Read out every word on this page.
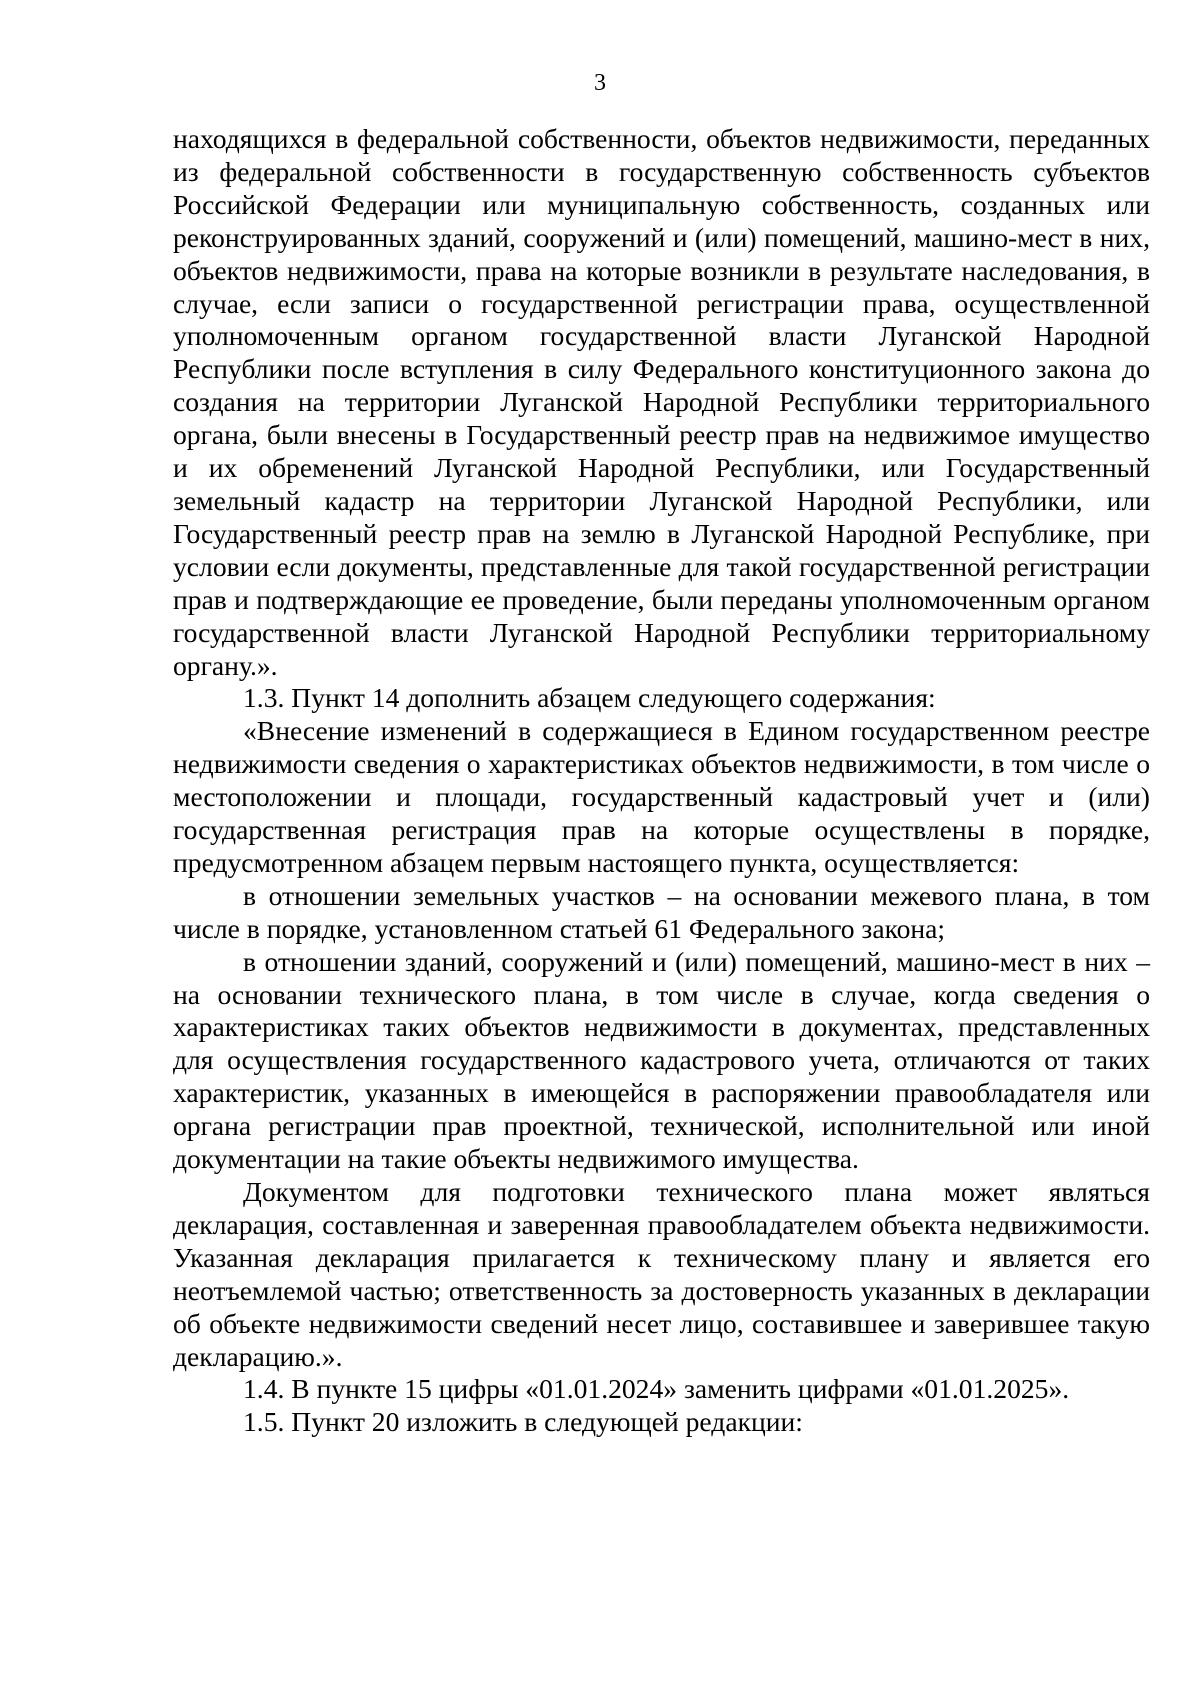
3

находящихся в федеральной собственности, объектов недвижимости, переданных из федеральной собственности в государственную собственность субъектов Российской Федерации или муниципальную собственность, созданных или реконструированных зданий, сооружений и (или) помещений, машино-мест в них, объектов недвижимости, права на которые возникли в результате наследования, в случае, если записи о государственной регистрации права, осуществленной уполномоченным органом государственной власти Луганской Народной Республики после вступления в силу Федерального конституционного закона до создания на территории Луганской Народной Республики территориального органа, были внесены в Государственный реестр прав на недвижимое имущество и их обременений Луганской Народной Республики, или Государственный земельный кадастр на территории Луганской Народной Республики, или Государственный реестр прав на землю в Луганской Народной Республике, при условии если документы, представленные для такой государственной регистрации прав и подтверждающие ее проведение, были переданы уполномоченным органом государственной власти Луганской Народной Республики территориальному органу.».

1.3. Пункт 14 дополнить абзацем следующего содержания:

«Внесение изменений в содержащиеся в Едином государственном реестре недвижимости сведения о характеристиках объектов недвижимости, в том числе о местоположении и площади, государственный кадастровый учет и (или) государственная регистрация прав на которые осуществлены в порядке, предусмотренном абзацем первым настоящего пункта, осуществляется:

в отношении земельных участков – на основании межевого плана, в том числе в порядке, установленном статьей 61 Федерального закона;

в отношении зданий, сооружений и (или) помещений, машино-мест в них – на основании технического плана, в том числе в случае, когда сведения о характеристиках таких объектов недвижимости в документах, представленных для осуществления государственного кадастрового учета, отличаются от таких характеристик, указанных в имеющейся в распоряжении правообладателя или органа регистрации прав проектной, технической, исполнительной или иной документации на такие объекты недвижимого имущества.

Документом для подготовки технического плана может являться декларация, составленная и заверенная правообладателем объекта недвижимости. Указанная декларация прилагается к техническому плану и является его неотъемлемой частью; ответственность за достоверность указанных в декларации об объекте недвижимости сведений несет лицо, составившее и заверившее такую декларацию.».

1.4. В пункте 15 цифры «01.01.2024» заменить цифрами «01.01.2025».

1.5. Пункт 20 изложить в следующей редакции:
